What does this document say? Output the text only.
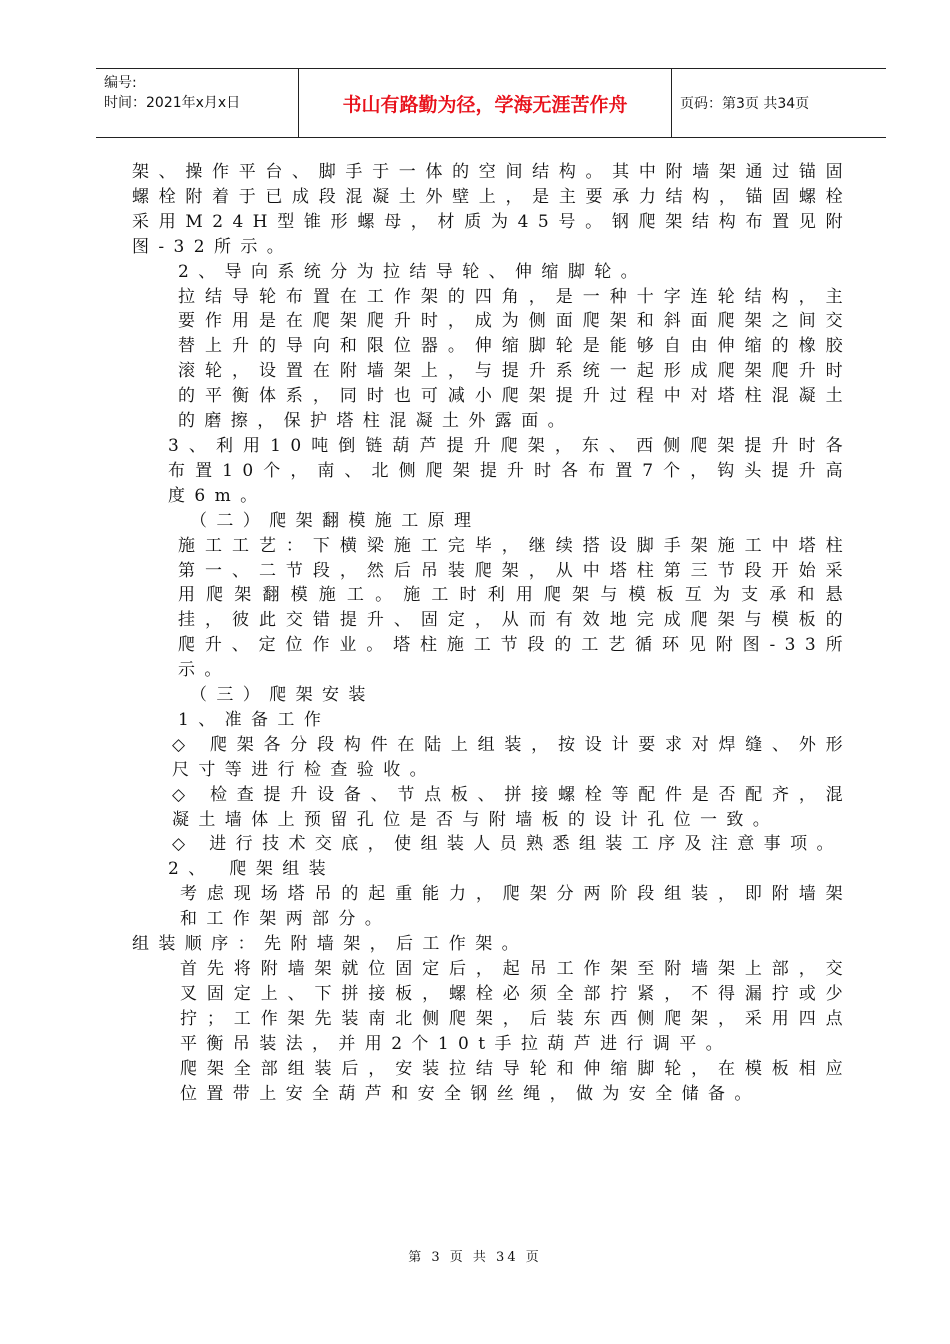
编号:
时间：2021年x月x日	书山有路勤为径，学海无涯苦作舟	页码：第3页 共34页

架、操作平台、脚手于一体的空间结构。其中附墙架通过锚固螺栓附着于已成段混凝土外壁上，是主要承力结构，锚固螺栓采用M24H型锥形螺母，材质为45号。钢爬架结构布置见附图-32所示。

2、导向系统分为拉结导轮、伸缩脚轮。

拉结导轮布置在工作架的四角，是一种十字连轮结构，主要作用是在爬架爬升时，成为侧面爬架和斜面爬架之间交替上升的导向和限位器。伸缩脚轮是能够自由伸缩的橡胶滚轮，设置在附墙架上，与提升系统一起形成爬架爬升时的平衡体系，同时也可减小爬架提升过程中对塔柱混凝土的磨擦，保护塔柱混凝土外露面。

3、利用10吨倒链葫芦提升爬架，东、西侧爬架提升时各布置10个，南、北侧爬架提升时各布置7个，钩头提升高度6m。

（二）爬架翻模施工原理

施工工艺：下横梁施工完毕，继续搭设脚手架施工中塔柱第一、二节段，然后吊装爬架，从中塔柱第三节段开始采用爬架翻模施工。施工时利用爬架与模板互为支承和悬挂，彼此交错提升、固定，从而有效地完成爬架与模板的爬升、定位作业。塔柱施工节段的工艺循环见附图-33所示。

（三）爬架安装

1、准备工作

◇ 爬架各分段构件在陆上组装，按设计要求对焊缝、外形尺寸等进行检查验收。

◇ 检查提升设备、节点板、拼接螺栓等配件是否配齐，混凝土墙体上预留孔位是否与附墙板的设计孔位一致。

◇ 进行技术交底，使组装人员熟悉组装工序及注意事项。

2、 爬架组装

考虑现场塔吊的起重能力，爬架分两阶段组装，即附墙架和工作架两部分。

组装顺序：先附墙架，后工作架。

首先将附墙架就位固定后，起吊工作架至附墙架上部，交叉固定上、下拼接板，螺栓必须全部拧紧，不得漏拧或少拧；工作架先装南北侧爬架，后装东西侧爬架，采用四点平衡吊装法，并用2个10t手拉葫芦进行调平。

爬架全部组装后，安装拉结导轮和伸缩脚轮，在模板相应位置带上安全葫芦和安全钢丝绳，做为安全储备。

第 3 页 共 34 页
